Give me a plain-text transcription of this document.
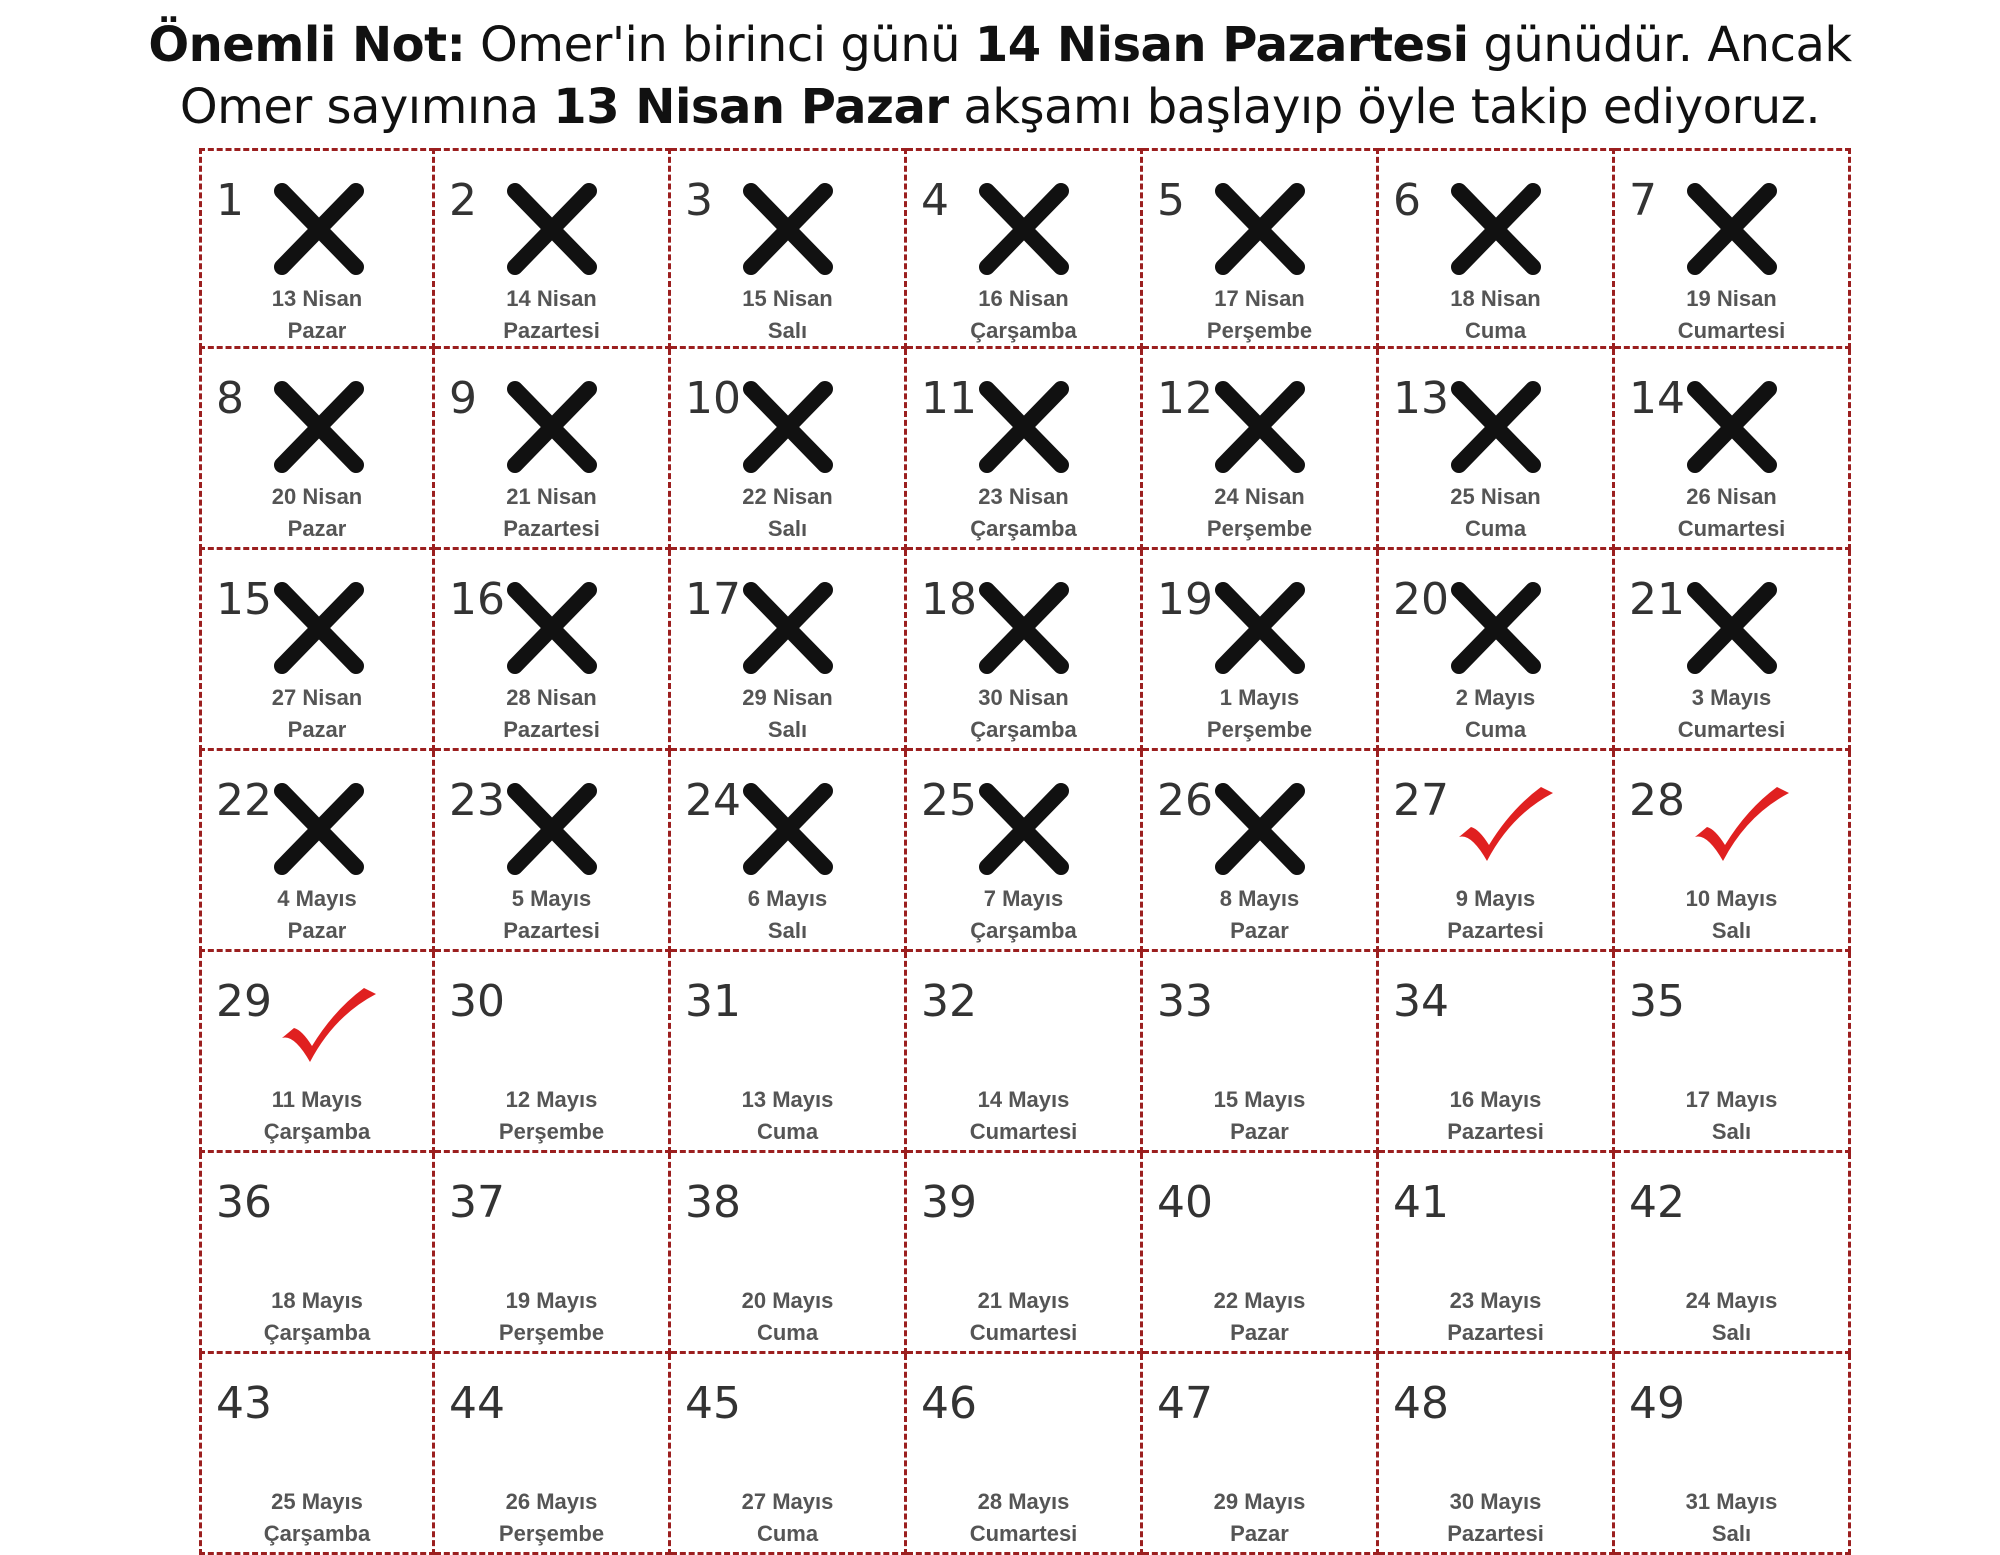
Önemli Not: Omer'in birinci günü 14 Nisan Pazartesi günüdür. Ancak
Omer sayımına 13 Nisan Pazar akşamı başlayıp öyle takip ediyoruz.
1
13 Nisan
Pazar
2
14 Nisan
Pazartesi
3
15 Nisan
Salı
4
16 Nisan
Çarşamba
5
17 Nisan
Perşembe
6
18 Nisan
Cuma
7
19 Nisan
Cumartesi
8
20 Nisan
Pazar
9
21 Nisan
Pazartesi
10
22 Nisan
Salı
11
23 Nisan
Çarşamba
12
24 Nisan
Perşembe
13
25 Nisan
Cuma
14
26 Nisan
Cumartesi
15
27 Nisan
Pazar
16
28 Nisan
Pazartesi
17
29 Nisan
Salı
18
30 Nisan
Çarşamba
19
1 Mayıs
Perşembe
20
2 Mayıs
Cuma
21
3 Mayıs
Cumartesi
22
4 Mayıs
Pazar
23
5 Mayıs
Pazartesi
24
6 Mayıs
Salı
25
7 Mayıs
Çarşamba
26
8 Mayıs
Pazar
27
9 Mayıs
Pazartesi
28
10 Mayıs
Salı
29
11 Mayıs
Çarşamba
30
12 Mayıs
Perşembe
31
13 Mayıs
Cuma
32
14 Mayıs
Cumartesi
33
15 Mayıs
Pazar
34
16 Mayıs
Pazartesi
35
17 Mayıs
Salı
36
18 Mayıs
Çarşamba
37
19 Mayıs
Perşembe
38
20 Mayıs
Cuma
39
21 Mayıs
Cumartesi
40
22 Mayıs
Pazar
41
23 Mayıs
Pazartesi
42
24 Mayıs
Salı
43
25 Mayıs
Çarşamba
44
26 Mayıs
Perşembe
45
27 Mayıs
Cuma
46
28 Mayıs
Cumartesi
47
29 Mayıs
Pazar
48
30 Mayıs
Pazartesi
49
31 Mayıs
Salı
